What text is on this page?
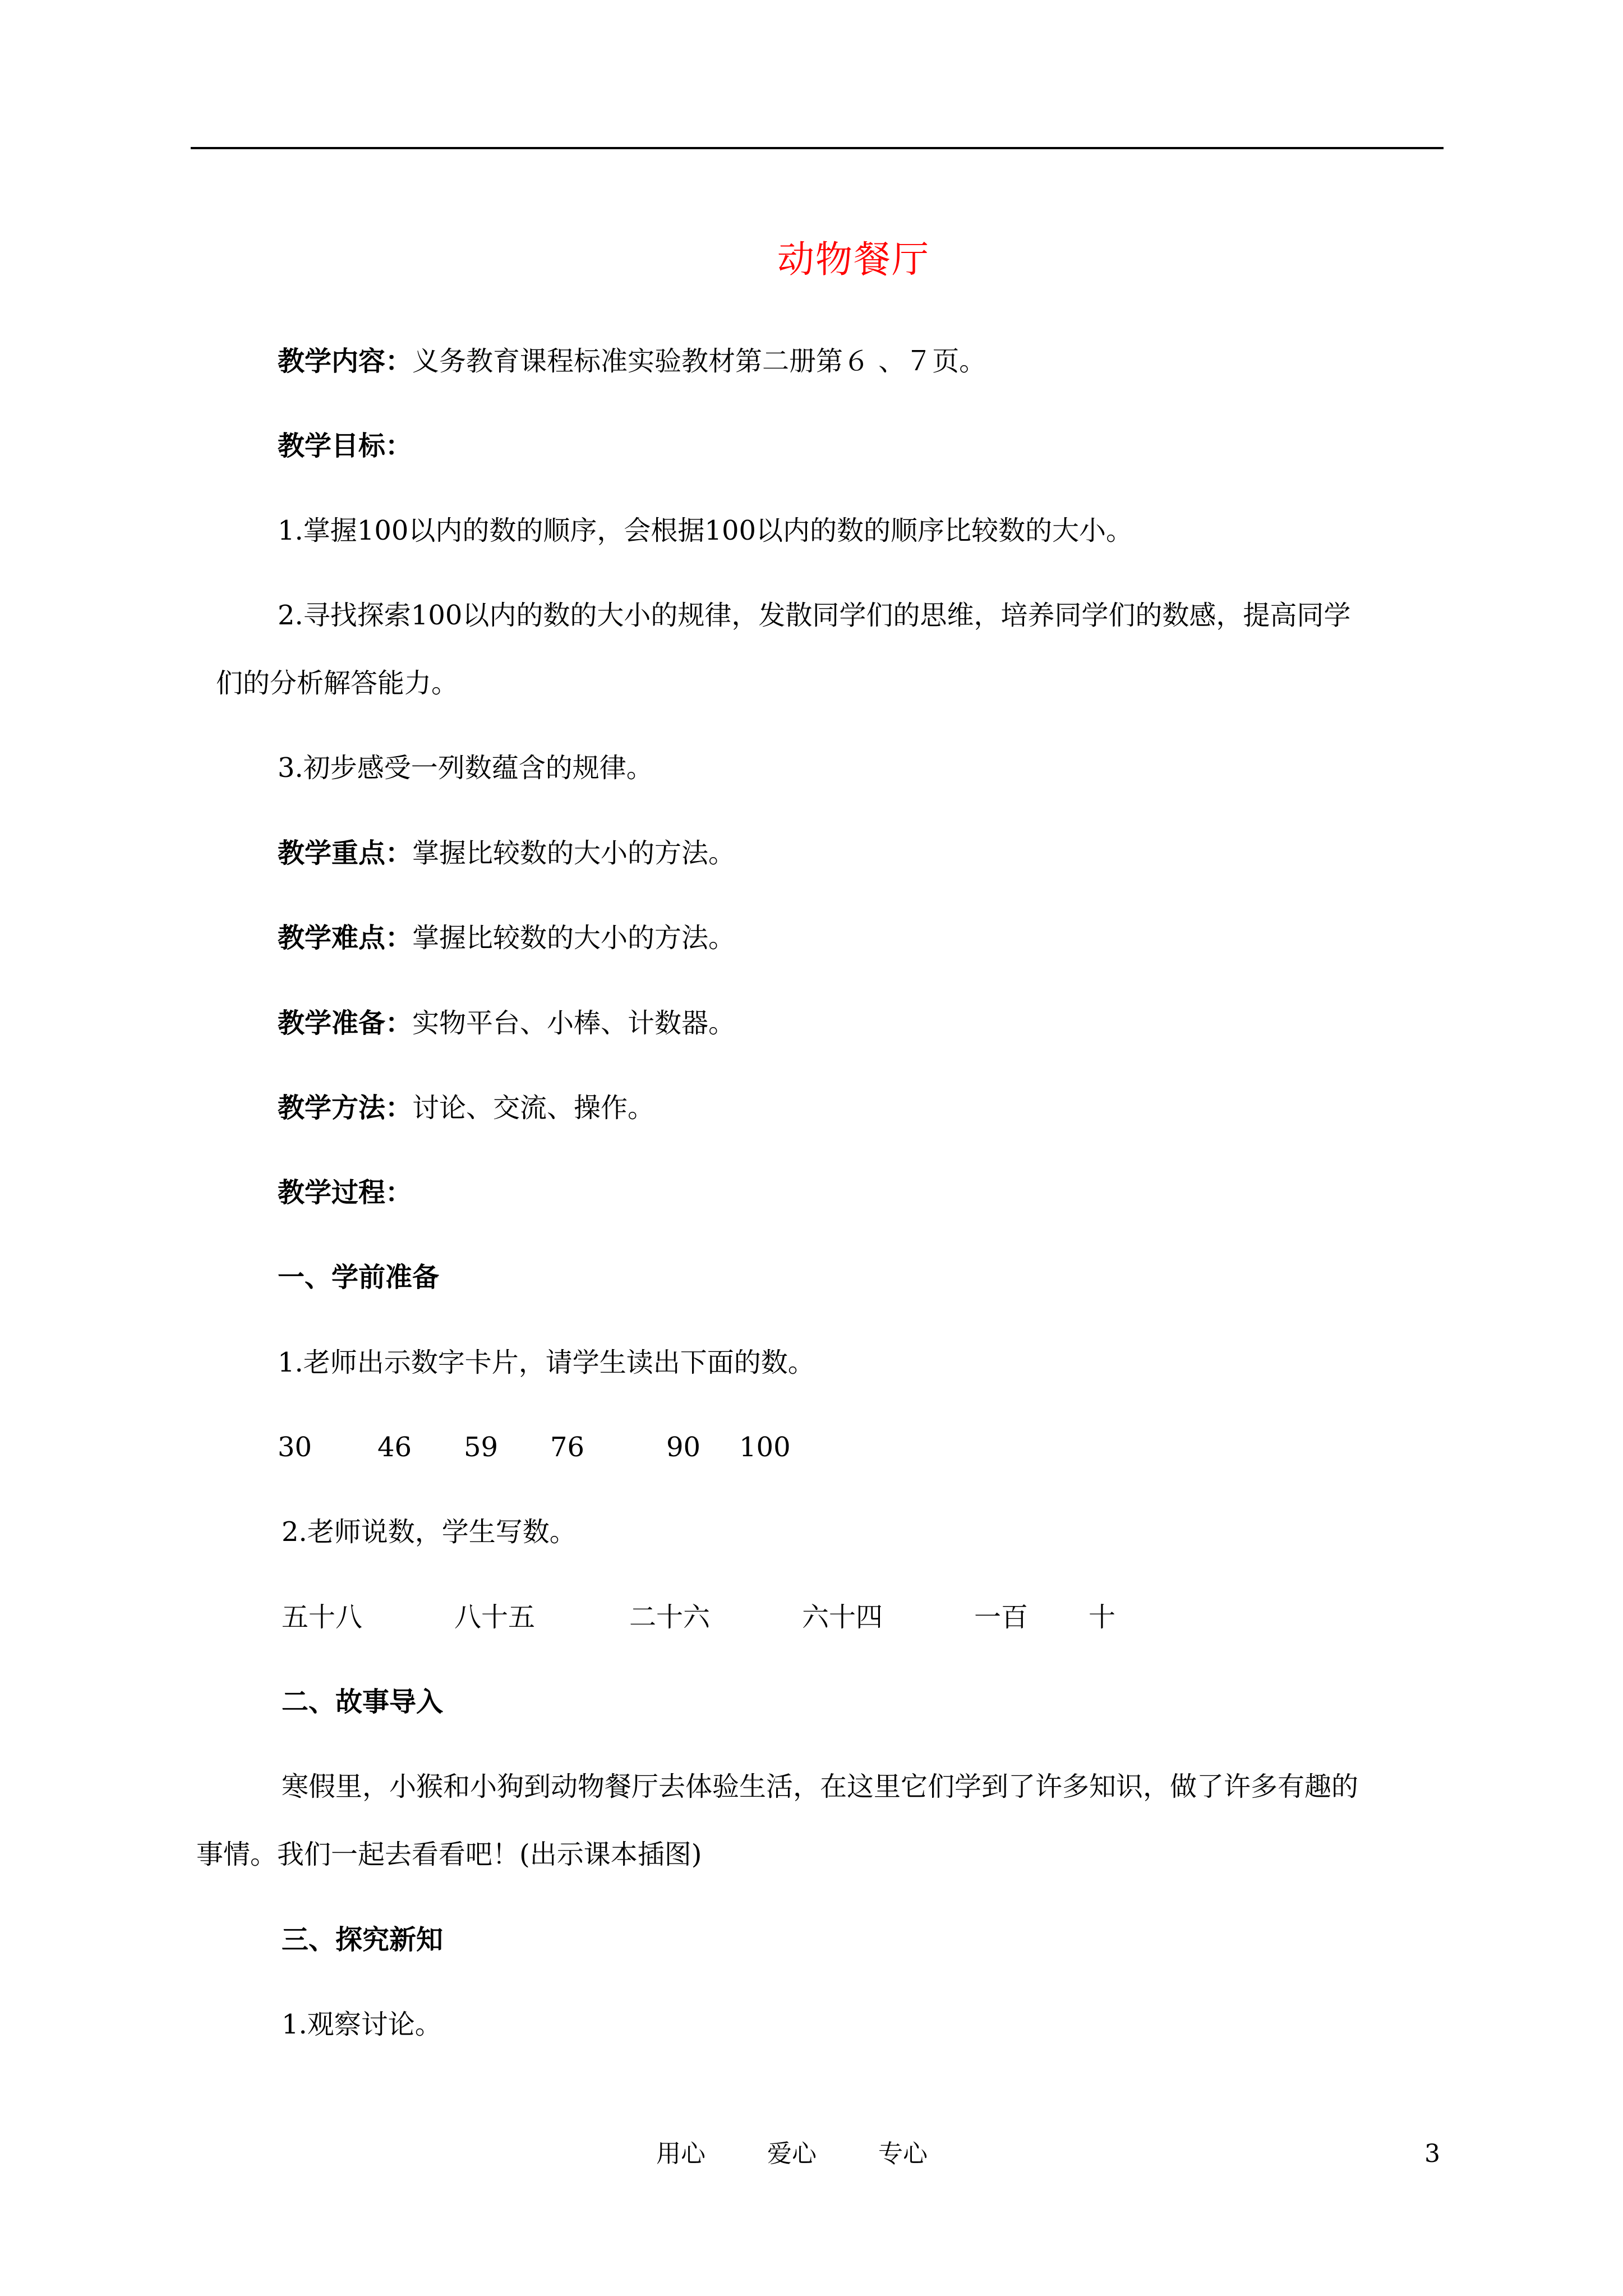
动物餐厅
教学内容：义务教育课程标准实验教材第二册第６ 、７页。
教学目标：
1.掌握100以内的数的顺序，会根据100以内的数的顺序比较数的大小。
2.寻找探索100以内的数的大小的规律，发散同学们的思维，培养同学们的数感，提高同学
们的分析解答能力。
3.初步感受一列数蕴含的规律。
教学重点：掌握比较数的大小的方法。
教学难点：掌握比较数的大小的方法。
教学准备：实物平台、小棒、计数器。
教学方法：讨论、交流、操作。
教学过程：
一、学前准备
1.老师出示数字卡片，请学生读出下面的数。
30 46 59 76	90 100
2.老师说数，学生写数。
五十八	八十五	二十六	六十四	一百 十
二、故事导入
寒假里，小猴和小狗到动物餐厅去体验生活，在这里它们学到了许多知识，做了许多有趣的
事情。我们一起去看看吧！(出示课本插图)
三、探究新知
1.观察讨论。
用心	爱心	专心	3
